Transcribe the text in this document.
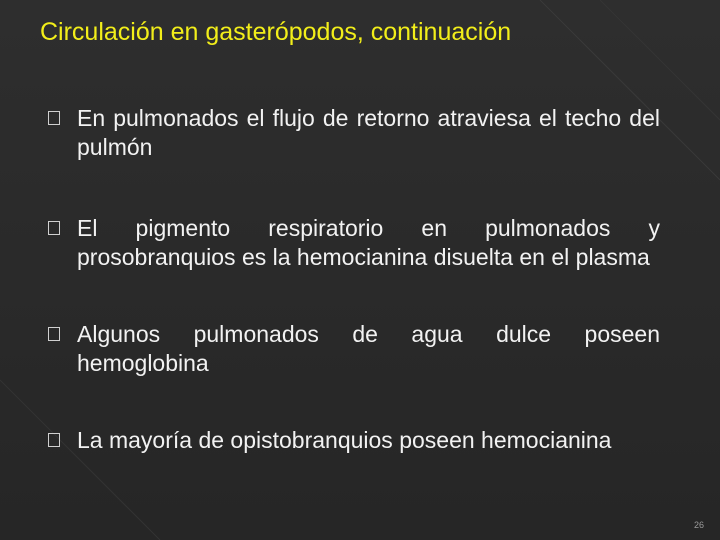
Circulación en gasterópodos, continuación
En pulmonados el flujo de retorno atraviesa el techo del pulmón
El pigmento respiratorio en pulmonados y prosobranquios es la hemocianina disuelta en el plasma
Algunos pulmonados de agua dulce poseen hemoglobina
La mayoría de opistobranquios poseen hemocianina
26
